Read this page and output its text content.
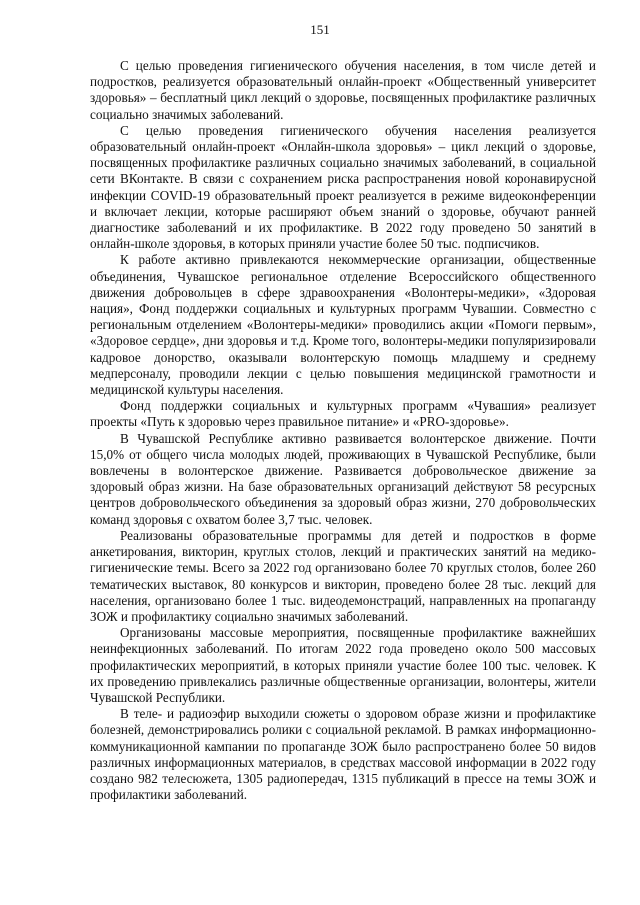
151

С целью проведения гигиенического обучения населения, в том числе детей и подростков, реализуется образовательный онлайн-проект «Общественный университет здоровья» – бесплатный цикл лекций о здоровье, посвященных профилактике различных социально значимых заболеваний.

С целью проведения гигиенического обучения населения реализуется образовательный онлайн-проект «Онлайн-школа здоровья» – цикл лекций о здоровье, посвященных профилактике различных социально значимых заболеваний, в социальной сети ВКонтакте. В связи с сохранением риска распространения новой коронавирусной инфекции COVID-19 образовательный проект реализуется в режиме видеоконференции и включает лекции, которые расширяют объем знаний о здоровье, обучают ранней диагностике заболеваний и их профилактике. В 2022 году проведено 50 занятий в онлайн-школе здоровья, в которых приняли участие более 50 тыс. подписчиков.

К работе активно привлекаются некоммерческие организации, общественные объединения, Чувашское региональное отделение Всероссийского общественного движения добровольцев в сфере здравоохранения «Волонтеры-медики», «Здоровая нация», Фонд поддержки социальных и культурных программ Чувашии. Совместно с региональным отделением «Волонтеры-медики» проводились акции «Помоги первым», «Здоровое сердце», дни здоровья и т.д. Кроме того, волонтеры-медики популяризировали кадровое донорство, оказывали волонтерскую помощь младшему и среднему медперсоналу, проводили лекции с целью повышения медицинской грамотности и медицинской культуры населения.

Фонд поддержки социальных и культурных программ «Чувашия» реализует проекты «Путь к здоровью через правильное питание» и «PRO-здоровье».

В Чувашской Республике активно развивается волонтерское движение. Почти 15,0% от общего числа молодых людей, проживающих в Чувашской Республике, были вовлечены в волонтерское движение. Развивается добровольческое движение за здоровый образ жизни. На базе образовательных организаций действуют 58 ресурсных центров добровольческого объединения за здоровый образ жизни, 270 добровольческих команд здоровья с охватом более 3,7 тыс. человек.

Реализованы образовательные программы для детей и подростков в форме анкетирования, викторин, круглых столов, лекций и практических занятий на медико-гигиенические темы. Всего за 2022 год организовано более 70 круглых столов, более 260 тематических выставок, 80 конкурсов и викторин, проведено более 28 тыс. лекций для населения, организовано более 1 тыс. видеодемонстраций, направленных на пропаганду ЗОЖ и профилактику социально значимых заболеваний.

Организованы массовые мероприятия, посвященные профилактике важнейших неинфекционных заболеваний. По итогам 2022 года проведено около 500 массовых профилактических мероприятий, в которых приняли участие более 100 тыс. человек. К их проведению привлекались различные общественные организации, волонтеры, жители Чувашской Республики.

В теле- и радиоэфир выходили сюжеты о здоровом образе жизни и профилактике болезней, демонстрировались ролики с социальной рекламой. В рамках информационно-коммуникационной кампании по пропаганде ЗОЖ было распространено более 50 видов различных информационных материалов, в средствах массовой информации в 2022 году создано 982 телесюжета, 1305 радиопередач, 1315 публикаций в прессе на темы ЗОЖ и профилактики заболеваний.
